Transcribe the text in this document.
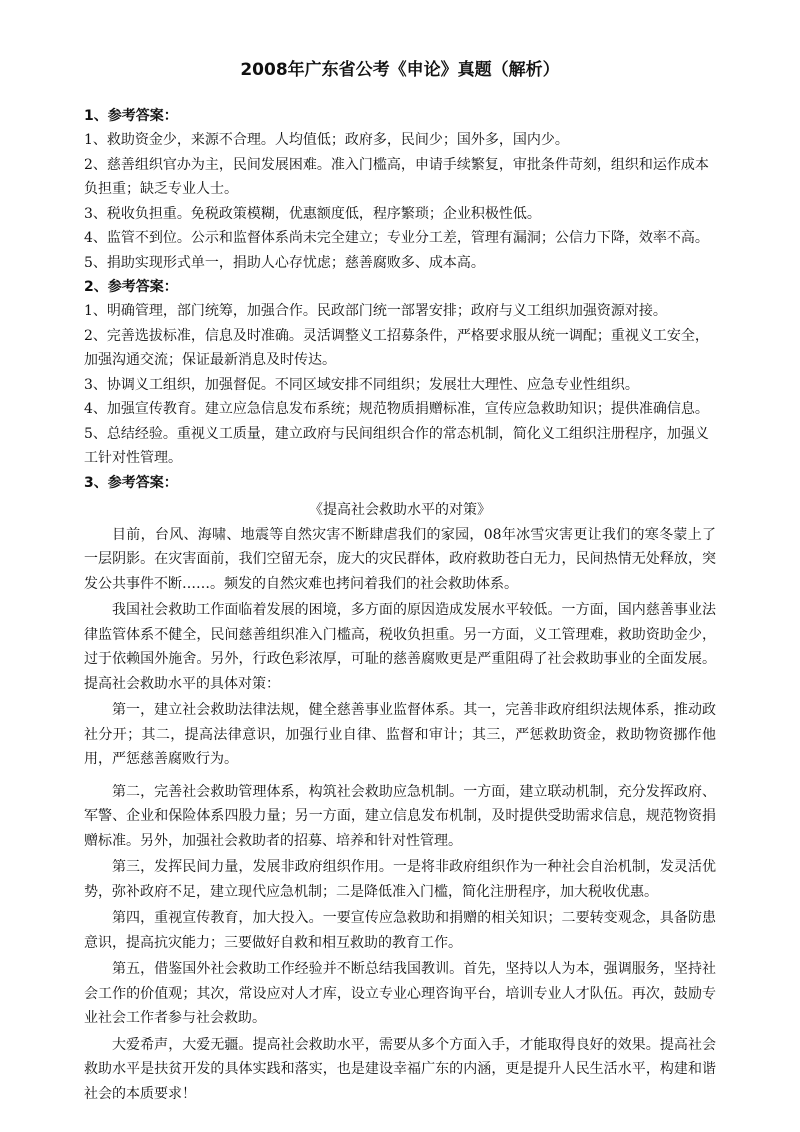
2008年广东省公考《申论》真题（解析）

1、参考答案：

1、救助资金少，来源不合理。人均值低；政府多，民间少；国外多，国内少。

2、慈善组织官办为主，民间发展困难。准入门槛高，申请手续繁复，审批条件苛刻，组织和运作成本负担重；缺乏专业人士。

3、税收负担重。免税政策模糊，优惠额度低，程序繁琐；企业积极性低。

4、监管不到位。公示和监督体系尚未完全建立；专业分工差，管理有漏洞；公信力下降，效率不高。

5、捐助实现形式单一，捐助人心存忧虑；慈善腐败多、成本高。

2、参考答案：

1、明确管理，部门统筹，加强合作。民政部门统一部署安排；政府与义工组织加强资源对接。

2、完善选拔标准，信息及时准确。灵活调整义工招募条件，严格要求服从统一调配；重视义工安全，加强沟通交流；保证最新消息及时传达。

3、协调义工组织，加强督促。不同区域安排不同组织；发展壮大理性、应急专业性组织。

4、加强宣传教育。建立应急信息发布系统；规范物质捐赠标准，宣传应急救助知识；提供准确信息。

5、总结经验。重视义工质量，建立政府与民间组织合作的常态机制，简化义工组织注册程序，加强义工针对性管理。

3、参考答案：

《提高社会救助水平的对策》

目前，台风、海啸、地震等自然灾害不断肆虐我们的家园，08年冰雪灾害更让我们的寒冬蒙上了一层阴影。在灾害面前，我们空留无奈，庞大的灾民群体，政府救助苍白无力，民间热情无处释放，突发公共事件不断……。频发的自然灾难也拷问着我们的社会救助体系。

我国社会救助工作面临着发展的困境，多方面的原因造成发展水平较低。一方面，国内慈善事业法律监管体系不健全，民间慈善组织准入门槛高，税收负担重。另一方面，义工管理难，救助资助金少，过于依赖国外施舍。另外，行政色彩浓厚，可耻的慈善腐败更是严重阻碍了社会救助事业的全面发展。提高社会救助水平的具体对策：

第一，建立社会救助法律法规，健全慈善事业监督体系。其一，完善非政府组织法规体系，推动政社分开；其二，提高法律意识，加强行业自律、监督和审计；其三，严惩救助资金，救助物资挪作他用，严惩慈善腐败行为。

第二，完善社会救助管理体系，构筑社会救助应急机制。一方面，建立联动机制，充分发挥政府、军警、企业和保险体系四股力量；另一方面，建立信息发布机制，及时提供受助需求信息，规范物资捐赠标准。另外，加强社会救助者的招募、培养和针对性管理。

第三，发挥民间力量，发展非政府组织作用。一是将非政府组织作为一种社会自治机制，发灵活优势，弥补政府不足，建立现代应急机制；二是降低准入门槛，简化注册程序，加大税收优惠。

第四，重视宣传教育，加大投入。一要宣传应急救助和捐赠的相关知识；二要转变观念，具备防患意识，提高抗灾能力；三要做好自救和相互救助的教育工作。

第五，借鉴国外社会救助工作经验并不断总结我国教训。首先，坚持以人为本，强调服务，坚持社会工作的价值观；其次，常设应对人才库，设立专业心理咨询平台，培训专业人才队伍。再次，鼓励专业社会工作者参与社会救助。

大爱希声，大爱无疆。提高社会救助水平，需要从多个方面入手，才能取得良好的效果。提高社会救助水平是扶贫开发的具体实践和落实，也是建设幸福广东的内涵，更是提升人民生活水平，构建和谐社会的本质要求！
